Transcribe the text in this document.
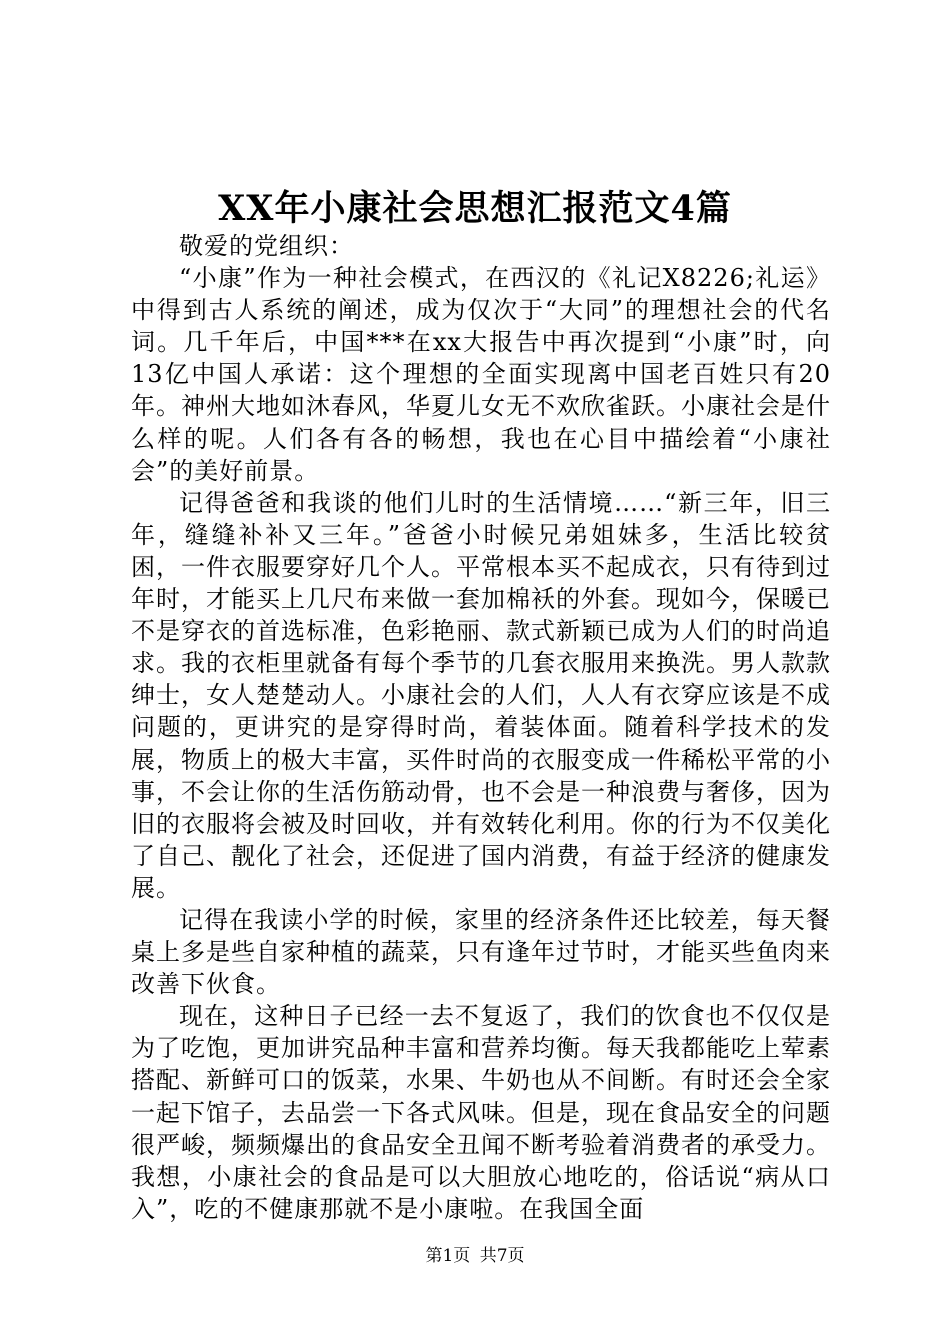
XX年小康社会思想汇报范文4篇

敬爱的党组织：

“小康”作为一种社会模式，在西汉的《礼记X8226;礼运》中得到古人系统的阐述，成为仅次于“大同”的理想社会的代名词。几千年后，中国***在xx大报告中再次提到“小康”时，向13亿中国人承诺：这个理想的全面实现离中国老百姓只有20年。神州大地如沐春风，华夏儿女无不欢欣雀跃。小康社会是什么样的呢。人们各有各的畅想，我也在心目中描绘着“小康社会”的美好前景。

记得爸爸和我谈的他们儿时的生活情境……“新三年，旧三年，缝缝补补又三年。”爸爸小时候兄弟姐妹多，生活比较贫困，一件衣服要穿好几个人。平常根本买不起成衣，只有待到过年时，才能买上几尺布来做一套加棉袄的外套。现如今，保暖已不是穿衣的首选标准，色彩艳丽、款式新颖已成为人们的时尚追求。我的衣柜里就备有每个季节的几套衣服用来换洗。男人款款绅士，女人楚楚动人。小康社会的人们，人人有衣穿应该是不成问题的，更讲究的是穿得时尚，着装体面。随着科学技术的发展，物质上的极大丰富，买件时尚的衣服变成一件稀松平常的小事，不会让你的生活伤筋动骨，也不会是一种浪费与奢侈，因为旧的衣服将会被及时回收，并有效转化利用。你的行为不仅美化了自己、靓化了社会，还促进了国内消费，有益于经济的健康发展。

记得在我读小学的时候，家里的经济条件还比较差，每天餐桌上多是些自家种植的蔬菜，只有逢年过节时，才能买些鱼肉来改善下伙食。

现在，这种日子已经一去不复返了，我们的饮食也不仅仅是为了吃饱，更加讲究品种丰富和营养均衡。每天我都能吃上荤素搭配、新鲜可口的饭菜，水果、牛奶也从不间断。有时还会全家一起下馆子，去品尝一下各式风味。但是，现在食品安全的问题很严峻，频频爆出的食品安全丑闻不断考验着消费者的承受力。我想，小康社会的食品是可以大胆放心地吃的，俗话说“病从口入”，吃的不健康那就不是小康啦。在我国全面

第1页 共7页
